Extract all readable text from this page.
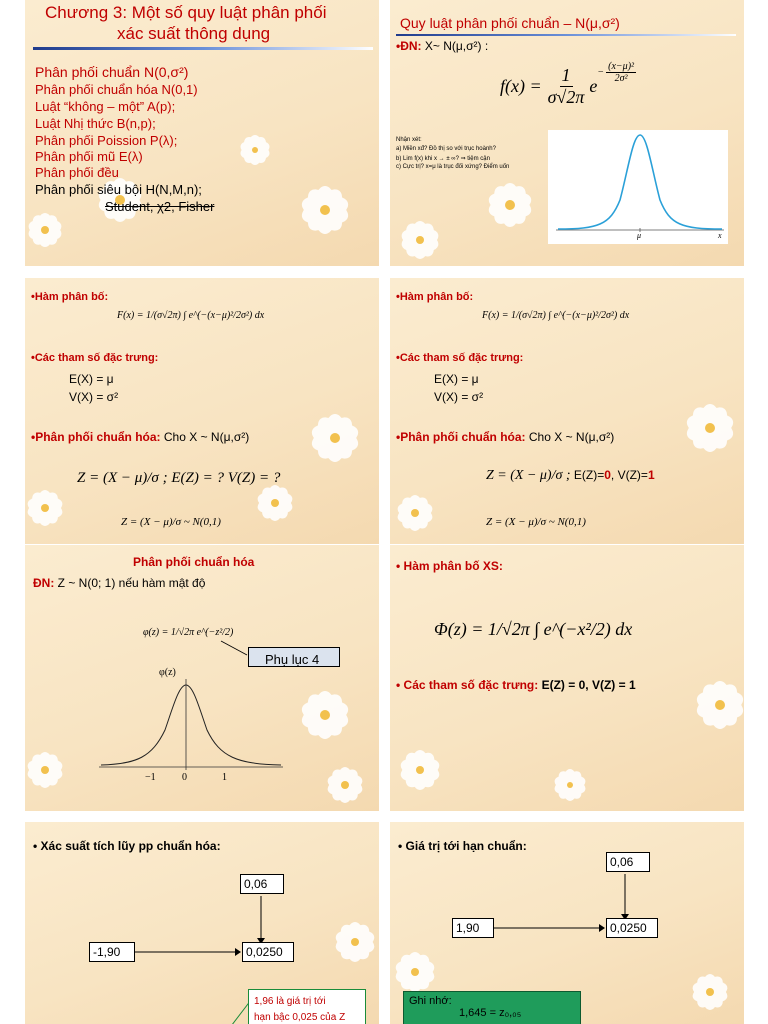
Chương 3: Một số quy luật phân phối
xác suất thông dụng
Phân phối chuẩn N(0,σ²)
Phân phối chuẩn hóa N(0,1)
Luật “không – một” A(p);
Luật Nhị thức B(n,p);
Phân phối Poission P(λ);
Phân phối mũ E(λ)
Phân phối đều
Phân phối siêu bội H(N,M,n);
Student, χ2, Fisher
Quy luật phân phối chuẩn – N(μ,σ²)
•ĐN: X~ N(μ,σ²) :
$f(x) = \frac{1}{\sigma√2\pi}$ e
− $\frac{\text{(x−μ)²}}{\text{2σ²}}$
Nhận xét:
a) Miền xđ? Đồ thị so với trục hoành?
b) Lim f(x) khi x → ± ∞? ⇒ tiệm cận
c) Cực trị? x=μ là trục đối xứng? Điểm uốn
μ	x
•Hàm phân bố:
F(x) = 1/(σ√2π) ∫ e^(−(x−μ)²/2σ²) dx
•Các tham số đặc trưng:
E(X) = μ
V(X) = σ²
•Phân phối chuẩn hóa: Cho X ~ N(μ,σ²)
Z = (X − μ)/σ ; E(Z) = ? V(Z) = ?
Z = (X − μ)/σ ~ N(0,1)
•Hàm phân bố:
F(x) = 1/(σ√2π) ∫ e^(−(x−μ)²/2σ²) dx
•Các tham số đặc trưng:
E(X) = μ
V(X) = σ²
•Phân phối chuẩn hóa: Cho X ~ N(μ,σ²)
Z = (X − μ)/σ ; E(Z)=0, V(Z)=1
Z = (X − μ)/σ ~ N(0,1)
Phân phối chuẩn hóa
ĐN: Z ~ N(0; 1) nếu hàm mật độ
φ(z) = 1/√2π e^(−z²/2)
Phụ lục 4
φ(z)
−1	0	1
• Hàm phân bố XS:
Φ(z) = 1/√2π ∫ e^(−x²/2) dx
• Các tham số đặc trưng: E(Z) = 0, V(Z) = 1
• Xác suất tích lũy pp chuẩn hóa:
0,06
-1,90	0,0250
1,96 là giá trị tới
hạn bậc 0,025 của Z
• Giá trị tới hạn chuẩn:
0,06
1,90	0,0250
Ghi nhớ:
1,645 = z₀,₀₅
